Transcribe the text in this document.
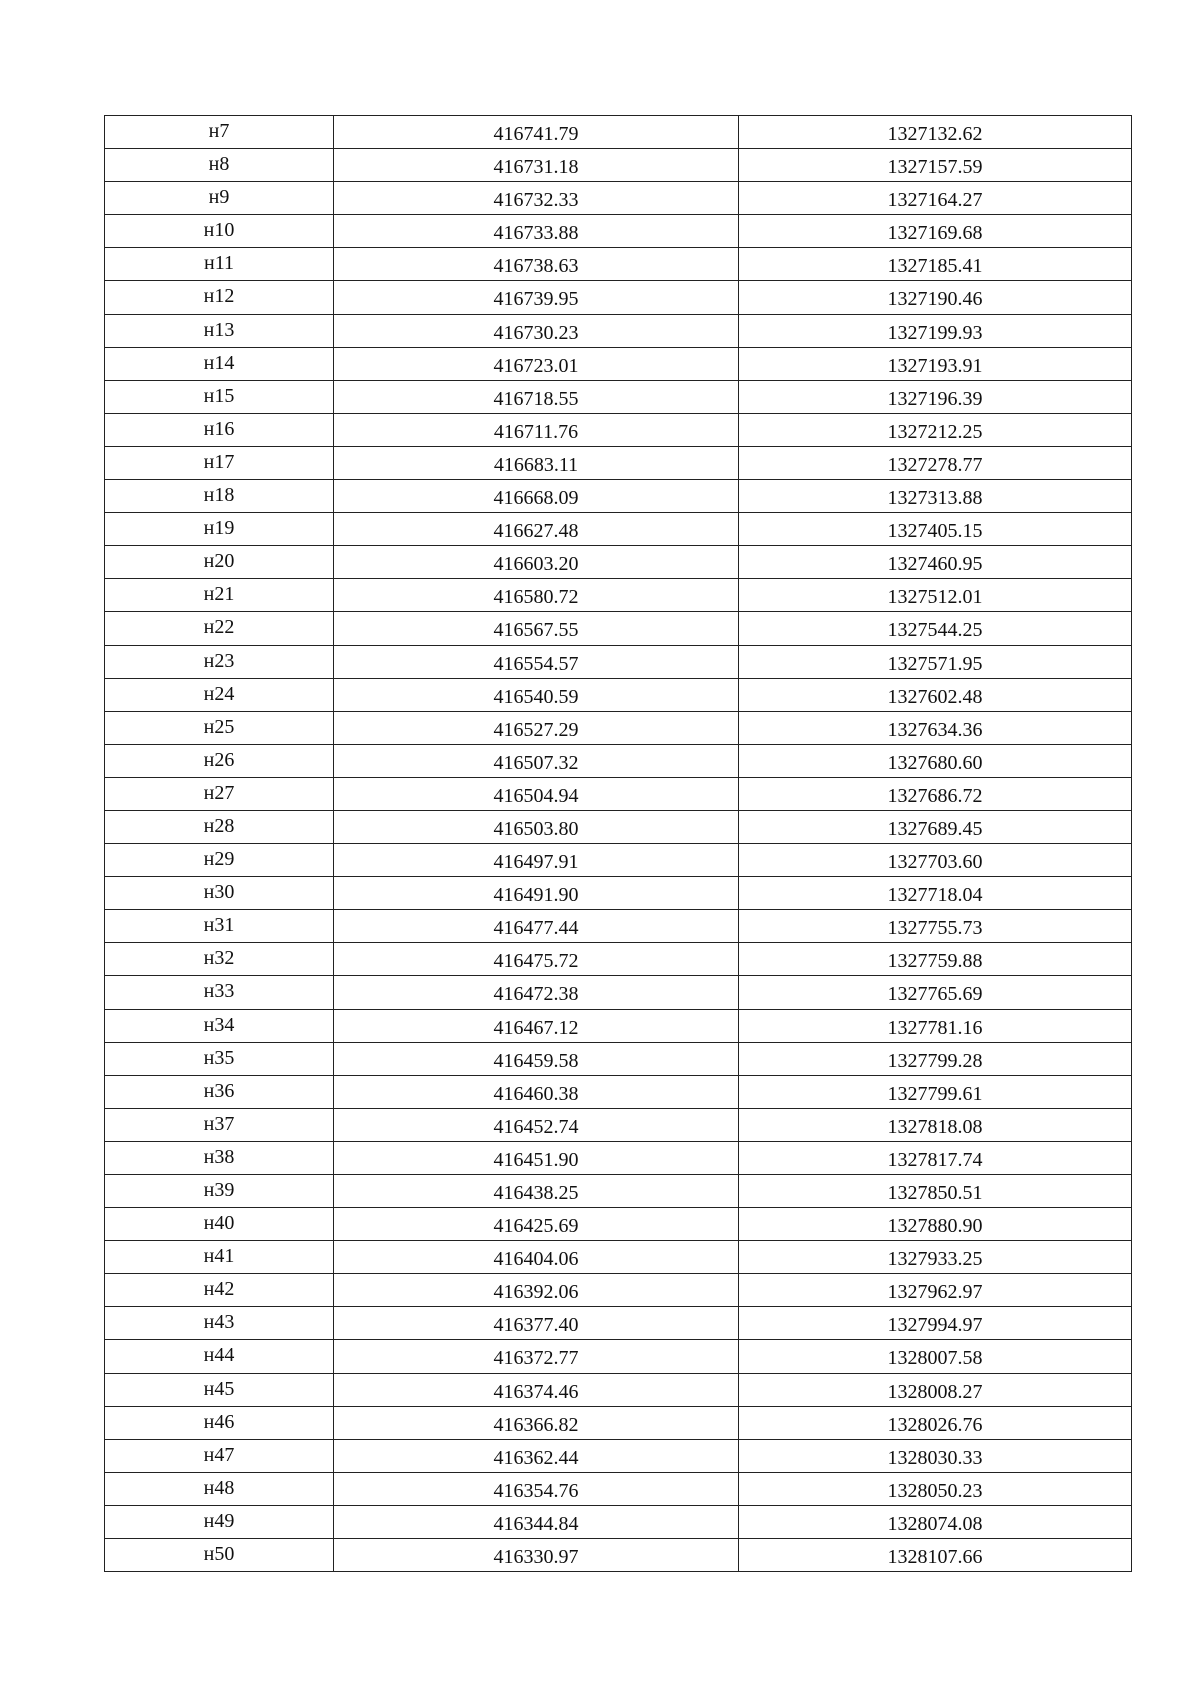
н7	416741.79	1327132.62
н8	416731.18	1327157.59
н9	416732.33	1327164.27
н10	416733.88	1327169.68
н11	416738.63	1327185.41
н12	416739.95	1327190.46
н13	416730.23	1327199.93
н14	416723.01	1327193.91
н15	416718.55	1327196.39
н16	416711.76	1327212.25
н17	416683.11	1327278.77
н18	416668.09	1327313.88
н19	416627.48	1327405.15
н20	416603.20	1327460.95
н21	416580.72	1327512.01
н22	416567.55	1327544.25
н23	416554.57	1327571.95
н24	416540.59	1327602.48
н25	416527.29	1327634.36
н26	416507.32	1327680.60
н27	416504.94	1327686.72
н28	416503.80	1327689.45
н29	416497.91	1327703.60
н30	416491.90	1327718.04
н31	416477.44	1327755.73
н32	416475.72	1327759.88
н33	416472.38	1327765.69
н34	416467.12	1327781.16
н35	416459.58	1327799.28
н36	416460.38	1327799.61
н37	416452.74	1327818.08
н38	416451.90	1327817.74
н39	416438.25	1327850.51
н40	416425.69	1327880.90
н41	416404.06	1327933.25
н42	416392.06	1327962.97
н43	416377.40	1327994.97
н44	416372.77	1328007.58
н45	416374.46	1328008.27
н46	416366.82	1328026.76
н47	416362.44	1328030.33
н48	416354.76	1328050.23
н49	416344.84	1328074.08
н50	416330.97	1328107.66
